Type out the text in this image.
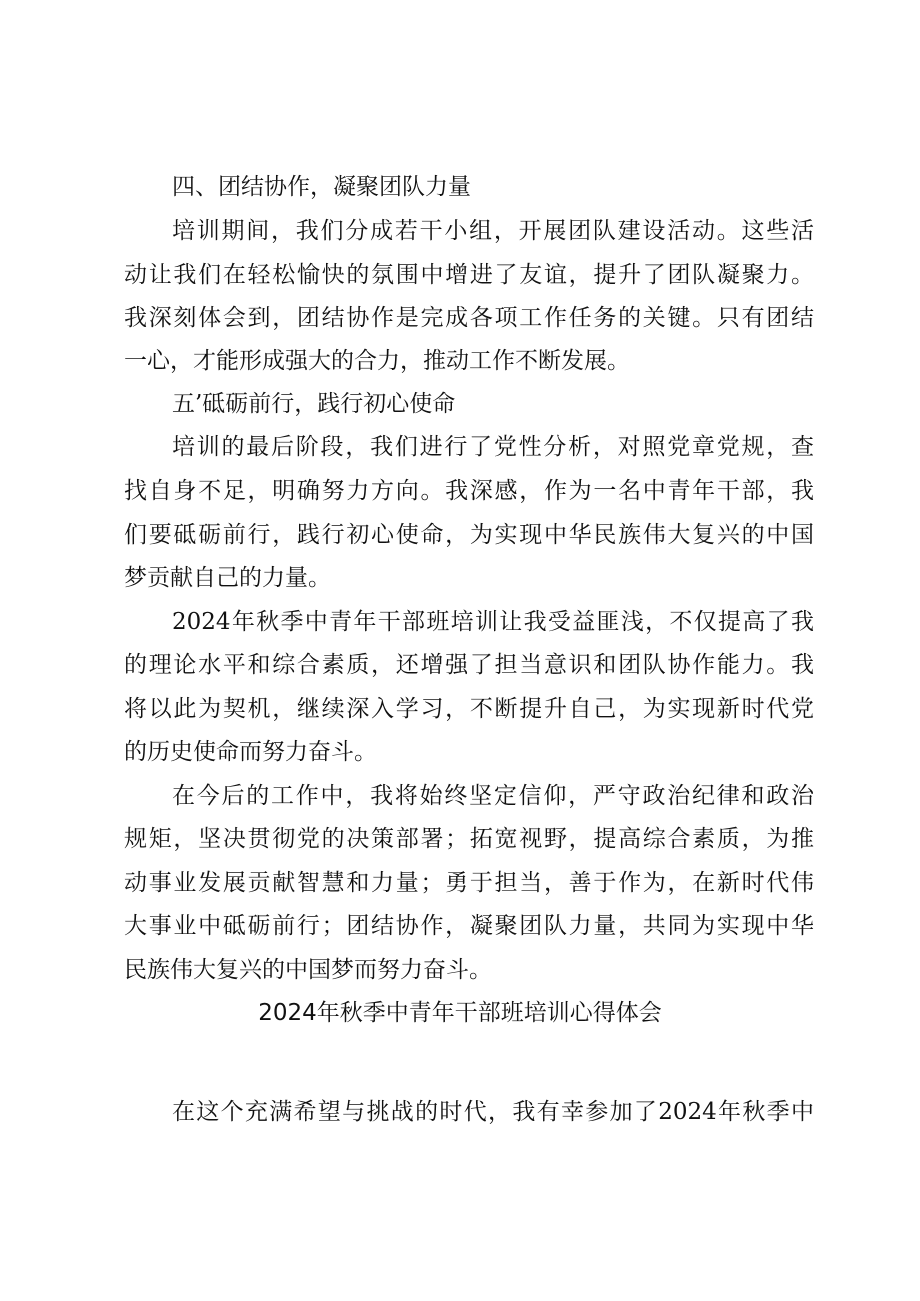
四、团结协作，凝聚团队力量
培训期间，我们分成若干小组，开展团队建设活动。这些活
动让我们在轻松愉快的氛围中增进了友谊，提升了团队凝聚力。
我深刻体会到，团结协作是完成各项工作任务的关键。只有团结
一心，才能形成强大的合力，推动工作不断发展。
五’砥砺前行，践行初心使命
培训的最后阶段，我们进行了党性分析，对照党章党规，查
找自身不足，明确努力方向。我深感，作为一名中青年干部，我
们要砥砺前行，践行初心使命，为实现中华民族伟大复兴的中国
梦贡献自己的力量。
2024年秋季中青年干部班培训让我受益匪浅，不仅提高了我
的理论水平和综合素质，还增强了担当意识和团队协作能力。我
将以此为契机，继续深入学习，不断提升自己，为实现新时代党
的历史使命而努力奋斗。
在今后的工作中，我将始终坚定信仰，严守政治纪律和政治
规矩，坚决贯彻党的决策部署；拓宽视野，提高综合素质，为推
动事业发展贡献智慧和力量；勇于担当，善于作为，在新时代伟
大事业中砥砺前行；团结协作，凝聚团队力量，共同为实现中华
民族伟大复兴的中国梦而努力奋斗。
2024年秋季中青年干部班培训心得体会
在这个充满希望与挑战的时代，我有幸参加了2024年秋季中
